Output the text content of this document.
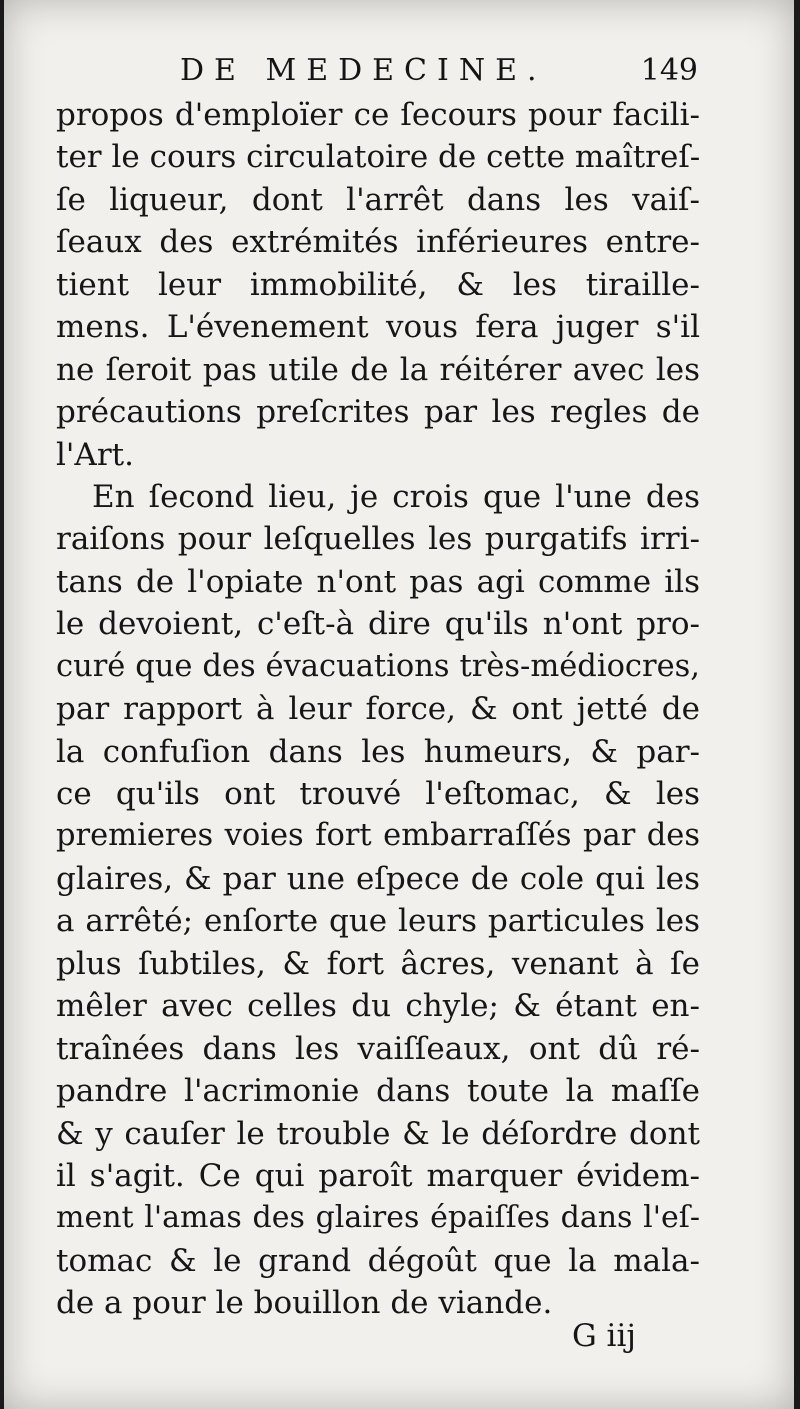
DE MEDECINE.	149
propos d'emploïer ce ſecours pour facili-
ter le cours circulatoire de cette maîtreſ-
ſe liqueur, dont l'arrêt dans les vaiſ-
ſeaux des extrémités inférieures entre-
tient leur immobilité, & les tiraille-
mens. L'évenement vous fera juger s'il
ne ſeroit pas utile de la réitérer avec les
précautions preſcrites par les regles de
l'Art.
En ſecond lieu, je crois que l'une des
raiſons pour leſquelles les purgatifs irri-
tans de l'opiate n'ont pas agi comme ils
le devoient, c'eſt-à dire qu'ils n'ont pro-
curé que des évacuations très-médiocres,
par rapport à leur force, & ont jetté de
la confuſion dans les humeurs, & par-
ce qu'ils ont trouvé l'eſtomac, & les
premieres voies fort embarraſſés par des
glaires, & par une eſpece de cole qui les
a arrêté; enſorte que leurs particules les
plus ſubtiles, & fort âcres, venant à ſe
mêler avec celles du chyle; & étant en-
traînées dans les vaiſſeaux, ont dû ré-
pandre l'acrimonie dans toute la maſſe
& y cauſer le trouble & le déſordre dont
il s'agit. Ce qui paroît marquer évidem-
ment l'amas des glaires épaiſſes dans l'eſ-
tomac & le grand dégoût que la mala-
de a pour le bouillon de viande.
G iij
